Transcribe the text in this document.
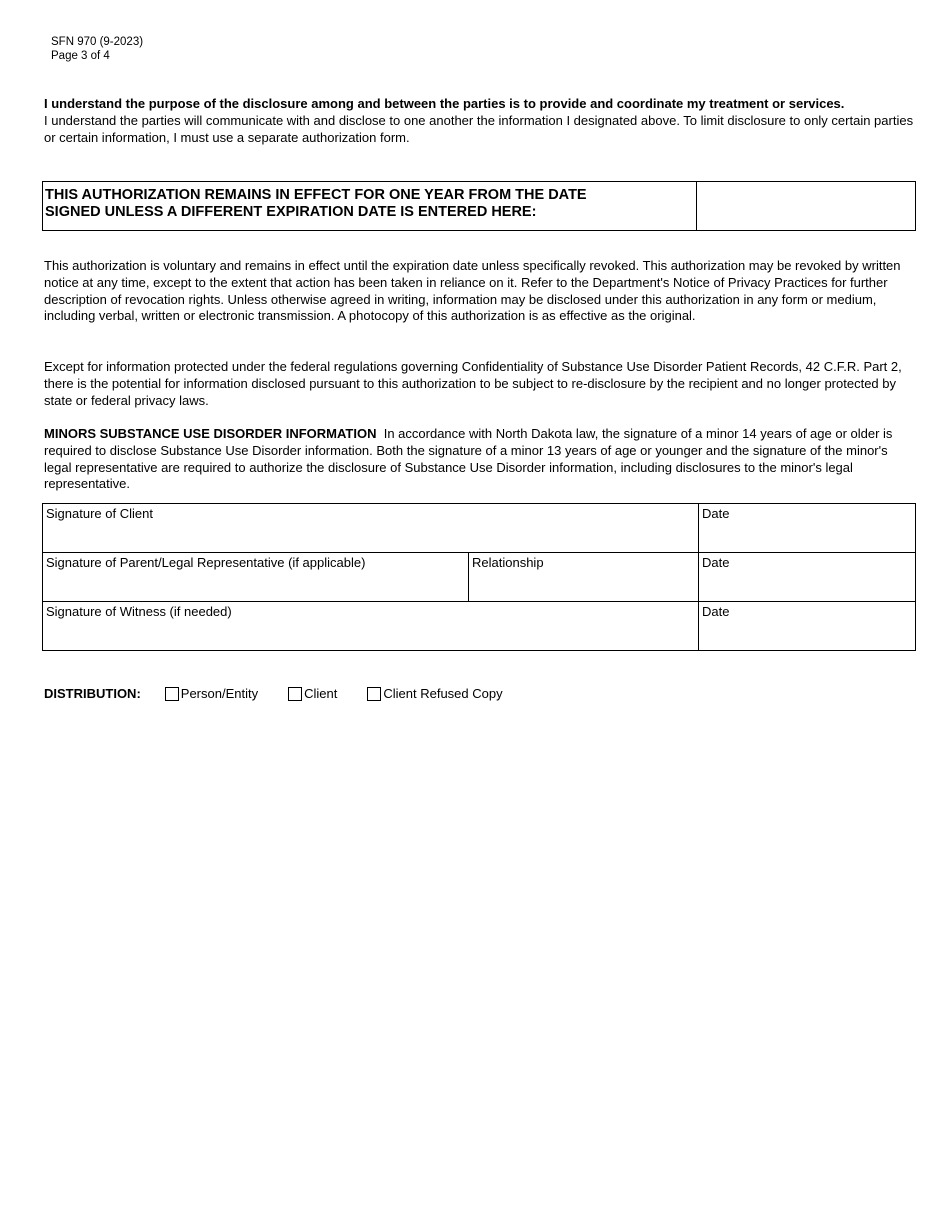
SFN 970 (9-2023)
Page 3 of 4

I understand the purpose of the disclosure among and between the parties is to provide and coordinate my treatment or services.
I understand the parties will communicate with and disclose to one another the information I designated above. To limit disclosure to only certain parties or certain information, I must use a separate authorization form.

THIS AUTHORIZATION REMAINS IN EFFECT FOR ONE YEAR FROM THE DATE
SIGNED UNLESS A DIFFERENT EXPIRATION DATE IS ENTERED HERE:

This authorization is voluntary and remains in effect until the expiration date unless specifically revoked. This authorization may be revoked by written notice at any time, except to the extent that action has been taken in reliance on it. Refer to the Department's Notice of Privacy Practices for further description of revocation rights. Unless otherwise agreed in writing, information may be disclosed under this authorization in any form or medium, including verbal, written or electronic transmission. A photocopy of this authorization is as effective as the original.

Except for information protected under the federal regulations governing Confidentiality of Substance Use Disorder Patient Records, 42 C.F.R. Part 2, there is the potential for information disclosed pursuant to this authorization to be subject to re-disclosure by the recipient and no longer protected by state or federal privacy laws.

MINORS SUBSTANCE USE DISORDER INFORMATION In accordance with North Dakota law, the signature of a minor 14 years of age or older is required to disclose Substance Use Disorder information. Both the signature of a minor 13 years of age or younger and the signature of the minor's legal representative are required to authorize the disclosure of Substance Use Disorder information, including disclosures to the minor's legal representative.

Signature of Client	Date
Signature of Parent/Legal Representative (if applicable)	Relationship	Date
Signature of Witness (if needed)	Date
DISTRIBUTION:	Person/Entity	Client	Client Refused Copy
